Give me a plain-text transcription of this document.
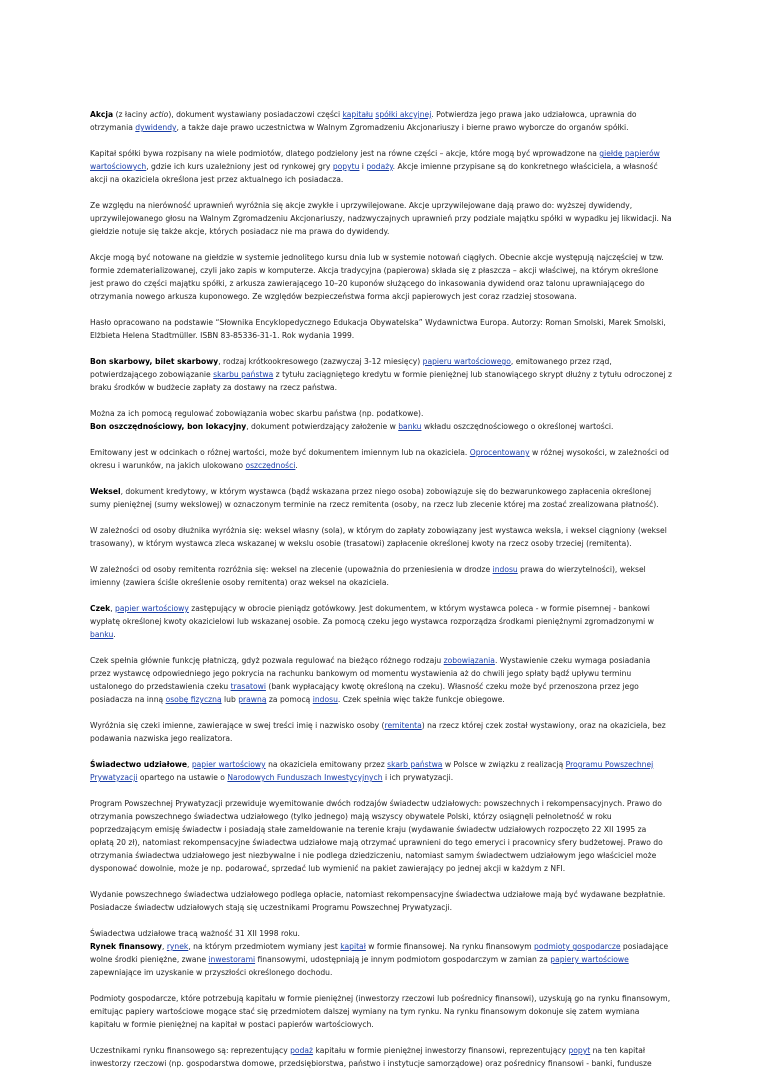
Akcja (z łaciny actio), dokument wystawiany posiadaczowi części kapitału spółki akcyjnej. Potwierdza jego prawa jako udziałowca, uprawnia do otrzymania dywidendy, a także daje prawo uczestnictwa w Walnym Zgromadzeniu Akcjonariuszy i bierne prawo wyborcze do organów spółki.

Kapitał spółki bywa rozpisany na wiele podmiotów, dlatego podzielony jest na równe części – akcje, które mogą być wprowadzone na giełdę papierów wartościowych, gdzie ich kurs uzależniony jest od rynkowej gry popytu i podaży. Akcje imienne przypisane są do konkretnego właściciela, a własność akcji na okaziciela określona jest przez aktualnego ich posiadacza.

Ze względu na nierówność uprawnień wyróżnia się akcje zwykłe i uprzywilejowane. Akcje uprzywilejowane dają prawo do: wyższej dywidendy, uprzywilejowanego głosu na Walnym Zgromadzeniu Akcjonariuszy, nadzwyczajnych uprawnień przy podziale majątku spółki w wypadku jej likwidacji. Na giełdzie notuje się także akcje, których posiadacz nie ma prawa do dywidendy.

Akcje mogą być notowane na giełdzie w systemie jednolitego kursu dnia lub w systemie notowań ciągłych. Obecnie akcje występują najczęściej w tzw. formie zdematerializowanej, czyli jako zapis w komputerze. Akcja tradycyjna (papierowa) składa się z płaszcza – akcji właściwej, na którym określone jest prawo do części majątku spółki, z arkusza zawierającego 10–20 kuponów służącego do inkasowania dywidend oraz talonu uprawniającego do otrzymania nowego arkusza kuponowego. Ze względów bezpieczeństwa forma akcji papierowych jest coraz rzadziej stosowana.

Hasło opracowano na podstawie “Słownika Encyklopedycznego Edukacja Obywatelska” Wydawnictwa Europa. Autorzy: Roman Smolski, Marek Smolski, Elżbieta Helena Stadtmüller. ISBN 83-85336-31-1. Rok wydania 1999.

Bon skarbowy, bilet skarbowy, rodzaj krótkookresowego (zazwyczaj 3-12 miesięcy) papieru wartościowego, emitowanego przez rząd, potwierdzającego zobowiązanie skarbu państwa z tytułu zaciągniętego kredytu w formie pieniężnej lub stanowiącego skrypt dłużny z tytułu odroczonej z braku środków w budżecie zapłaty za dostawy na rzecz państwa.

Można za ich pomocą regulować zobowiązania wobec skarbu państwa (np. podatkowe).

Bon oszczędnościowy, bon lokacyjny, dokument potwierdzający założenie w banku wkładu oszczędnościowego o określonej wartości.

Emitowany jest w odcinkach o różnej wartości, może być dokumentem imiennym lub na okaziciela. Oprocentowany w różnej wysokości, w zależności od okresu i warunków, na jakich ulokowano oszczędności.

Weksel, dokument kredytowy, w którym wystawca (bądź wskazana przez niego osoba) zobowiązuje się do bezwarunkowego zapłacenia określonej sumy pieniężnej (sumy wekslowej) w oznaczonym terminie na rzecz remitenta (osoby, na rzecz lub zlecenie której ma zostać zrealizowana płatność).

W zależności od osoby dłużnika wyróżnia się: weksel własny (sola), w którym do zapłaty zobowiązany jest wystawca weksla, i weksel ciągniony (weksel trasowany), w którym wystawca zleca wskazanej w wekslu osobie (trasatowi) zapłacenie określonej kwoty na rzecz osoby trzeciej (remitenta).

W zależności od osoby remitenta rozróżnia się: weksel na zlecenie (upoważnia do przeniesienia w drodze indosu prawa do wierzytelności), weksel imienny (zawiera ściśle określenie osoby remitenta) oraz weksel na okaziciela.

Czek, papier wartościowy zastępujący w obrocie pieniądz gotówkowy. Jest dokumentem, w którym wystawca poleca - w formie pisemnej - bankowi wypłatę określonej kwoty okazicielowi lub wskazanej osobie. Za pomocą czeku jego wystawca rozporządza środkami pieniężnymi zgromadzonymi w banku.

Czek spełnia głównie funkcję płatniczą, gdyż pozwala regulować na bieżąco różnego rodzaju zobowiązania. Wystawienie czeku wymaga posiadania przez wystawcę odpowiedniego jego pokrycia na rachunku bankowym od momentu wystawienia aż do chwili jego spłaty bądź upływu terminu ustalonego do przedstawienia czeku trasatowi (bank wypłacający kwotę określoną na czeku). Własność czeku może być przenoszona przez jego posiadacza na inną osobę fizyczną lub prawną za pomocą indosu. Czek spełnia więc także funkcje obiegowe.

Wyróżnia się czeki imienne, zawierające w swej treści imię i nazwisko osoby (remitenta) na rzecz której czek został wystawiony, oraz na okaziciela, bez podawania nazwiska jego realizatora.

Świadectwo udziałowe, papier wartościowy na okaziciela emitowany przez skarb państwa w Polsce w związku z realizacją Programu Powszechnej Prywatyzacji opartego na ustawie o Narodowych Funduszach Inwestycyjnych i ich prywatyzacji.

Program Powszechnej Prywatyzacji przewiduje wyemitowanie dwóch rodzajów świadectw udziałowych: powszechnych i rekompensacyjnych. Prawo do otrzymania powszechnego świadectwa udziałowego (tylko jednego) mają wszyscy obywatele Polski, którzy osiągnęli pełnoletność w roku poprzedzającym emisję świadectw i posiadają stałe zameldowanie na terenie kraju (wydawanie świadectw udziałowych rozpoczęto 22 XII 1995 za opłatą 20 zł), natomiast rekompensacyjne świadectwa udziałowe mają otrzymać uprawnieni do tego emeryci i pracownicy sfery budżetowej. Prawo do otrzymania świadectwa udziałowego jest niezbywalne i nie podlega dziedziczeniu, natomiast samym świadectwem udziałowym jego właściciel może dysponować dowolnie, może je np. podarować, sprzedać lub wymienić na pakiet zawierający po jednej akcji w każdym z NFI.

Wydanie powszechnego świadectwa udziałowego podlega opłacie, natomiast rekompensacyjne świadectwa udziałowe mają być wydawane bezpłatnie. Posiadacze świadectw udziałowych stają się uczestnikami Programu Powszechnej Prywatyzacji.

Świadectwa udziałowe tracą ważność 31 XII 1998 roku.

Rynek finansowy, rynek, na którym przedmiotem wymiany jest kapitał w formie finansowej. Na rynku finansowym podmioty gospodarcze posiadające wolne środki pieniężne, zwane inwestorami finansowymi, udostępniają je innym podmiotom gospodarczym w zamian za papiery wartościowe zapewniające im uzyskanie w przyszłości określonego dochodu.

Podmioty gospodarcze, które potrzebują kapitału w formie pieniężnej (inwestorzy rzeczowi lub pośrednicy finansowi), uzyskują go na rynku finansowym, emitując papiery wartościowe mogące stać się przedmiotem dalszej wymiany na tym rynku. Na rynku finansowym dokonuje się zatem wymiana kapitału w formie pieniężnej na kapitał w postaci papierów wartościowych.

Uczestnikami rynku finansowego są: reprezentujący podaż kapitału w formie pieniężnej inwestorzy finansowi, reprezentujący popyt na ten kapitał inwestorzy rzeczowi (np. gospodarstwa domowe, przedsiębiorstwa, państwo i instytucje samorządowe) oraz pośrednicy finansowi - banki, fundusze
